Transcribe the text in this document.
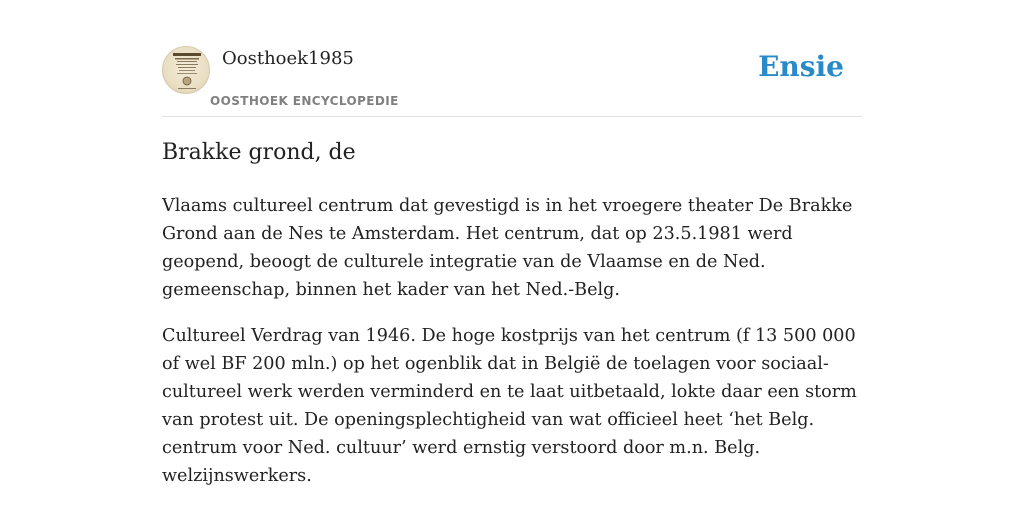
Oosthoek1985
OOSTHOEK ENCYCLOPEDIE
Ensie
Brakke grond, de

Vlaams cultureel centrum dat gevestigd is in het vroegere theater De Brakke Grond aan de Nes te Amsterdam. Het centrum, dat op 23.5.1981 werd geopend, beoogt de culturele integratie van de Vlaamse en de Ned. gemeenschap, binnen het kader van het Ned.-Belg.

Cultureel Verdrag van 1946. De hoge kostprijs van het centrum (f 13 500 000 of wel BF 200 mln.) op het ogenblik dat in België de toelagen voor sociaal-cultureel werk werden verminderd en te laat uitbetaald, lokte daar een storm van protest uit. De openingsplechtigheid van wat officieel heet ‘het Belg. centrum voor Ned. cultuur’ werd ernstig verstoord door m.n. Belg. welzijnswerkers.
